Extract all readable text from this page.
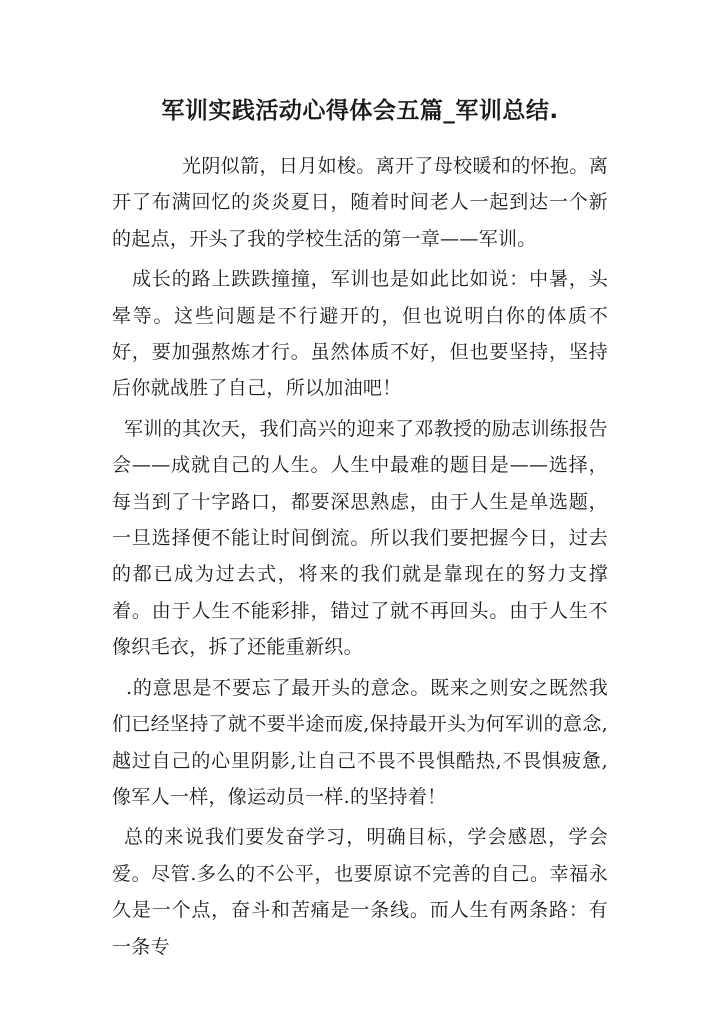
军训实践活动心得体会五篇_军训总结.

光阴似箭，日月如梭。离开了母校暖和的怀抱。离开了布满回忆的炎炎夏日，随着时间老人一起到达一个新的起点，开头了我的学校生活的第一章——军训。

成长的路上跌跌撞撞，军训也是如此比如说：中暑，头晕等。这些问题是不行避开的，但也说明白你的体质不好，要加强熬炼才行。虽然体质不好，但也要坚持，坚持后你就战胜了自己，所以加油吧！

军训的其次天，我们高兴的迎来了邓教授的励志训练报告会——成就自己的人生。人生中最难的题目是——选择，每当到了十字路口，都要深思熟虑，由于人生是单选题，一旦选择便不能让时间倒流。所以我们要把握今日，过去的都已成为过去式，将来的我们就是靠现在的努力支撑着。由于人生不能彩排，错过了就不再回头。由于人生不像织毛衣，拆了还能重新织。

.的意思是不要忘了最开头的意念。既来之则安之既然我们已经坚持了就不要半途而废,保持最开头为何军训的意念,越过自己的心里阴影,让自己不畏不畏惧酷热,不畏惧疲惫,像军人一样，像运动员一样.的坚持着！

总的来说我们要发奋学习，明确目标，学会感恩，学会爱。尽管.多么的不公平，也要原谅不完善的自己。幸福永久是一个点，奋斗和苦痛是一条线。而人生有两条路：有一条专
